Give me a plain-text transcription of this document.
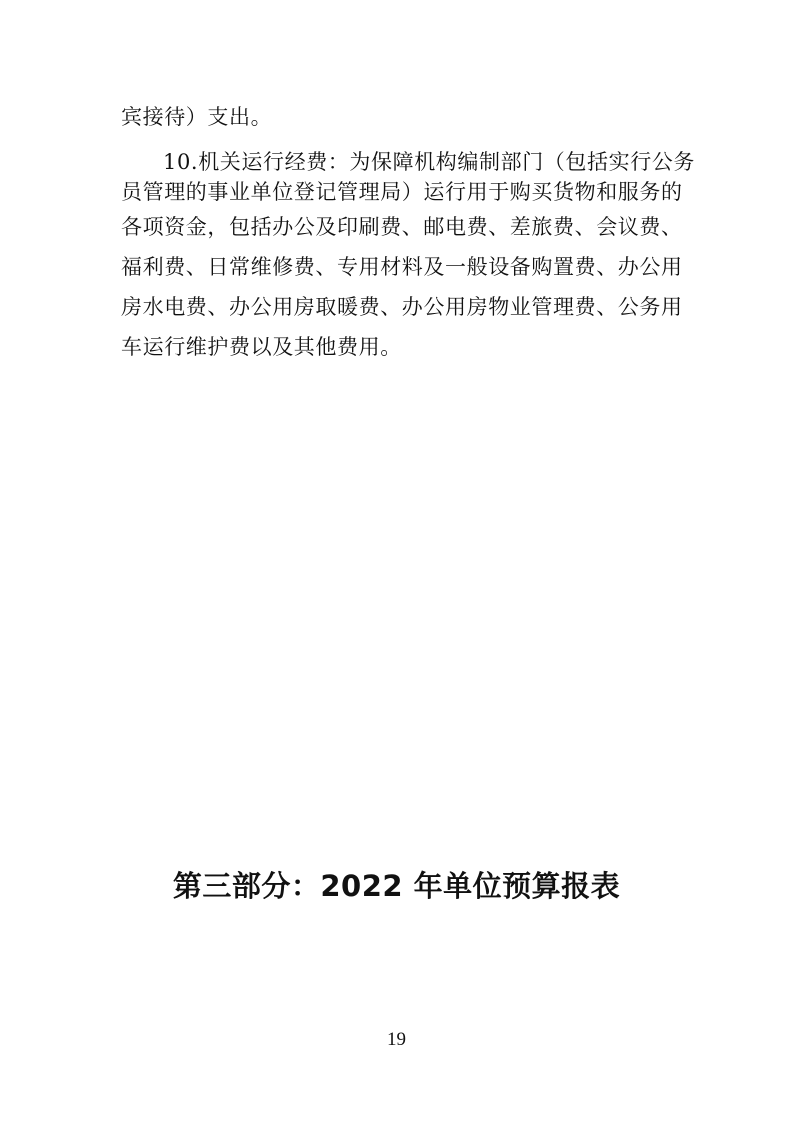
宾接待）支出。

10.机关运行经费：为保障机构编制部门（包括实行公务

员管理的事业单位登记管理局）运行用于购买货物和服务的

各项资金，包括办公及印刷费、邮电费、差旅费、会议费、

福利费、日常维修费、专用材料及一般设备购置费、办公用

房水电费、办公用房取暖费、办公用房物业管理费、公务用

车运行维护费以及其他费用。

第三部分：2022 年单位预算报表
19
